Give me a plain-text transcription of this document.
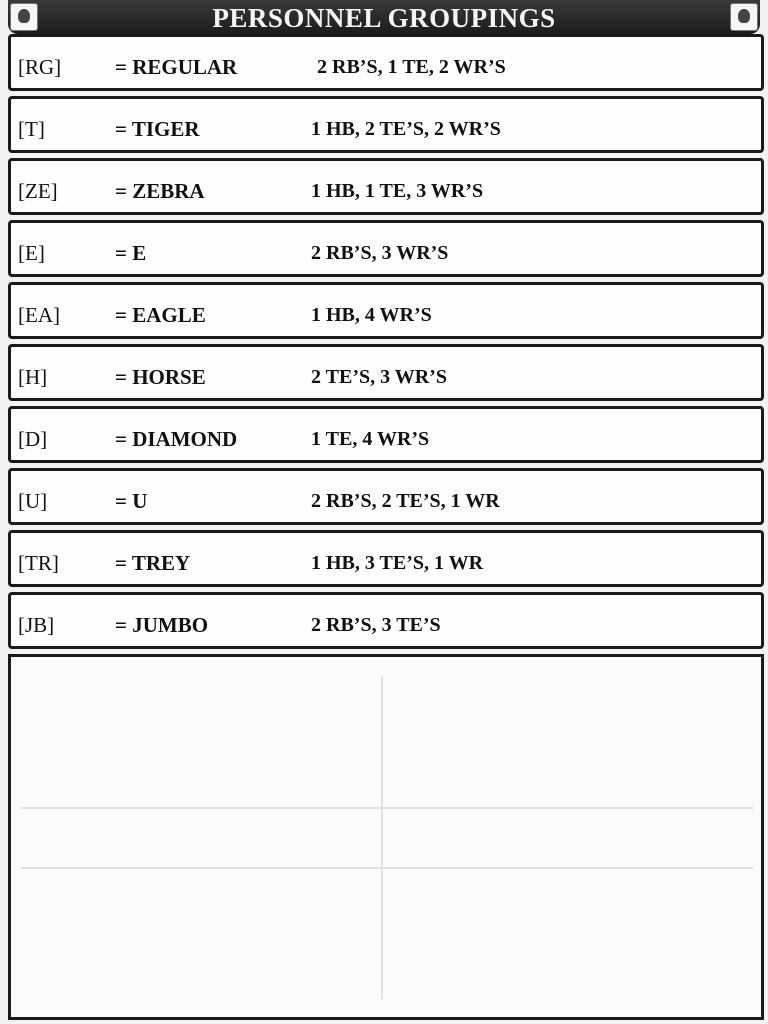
PERSONNEL GROUPINGS
[RG]	= REGULAR	2 RB’S, 1 TE, 2 WR’S
[T]	= TIGER	1 HB, 2 TE’S, 2 WR’S
[ZE]	= ZEBRA	1 HB, 1 TE, 3 WR’S
[E]	= E	2 RB’S, 3 WR’S
[EA]	= EAGLE	1 HB, 4 WR’S
[H]	= HORSE	2 TE’S, 3 WR’S
[D]	= DIAMOND	1 TE, 4 WR’S
[U]	= U	2 RB’S, 2 TE’S, 1 WR
[TR]	= TREY	1 HB, 3 TE’S, 1 WR
[JB]	= JUMBO	2 RB’S, 3 TE’S
